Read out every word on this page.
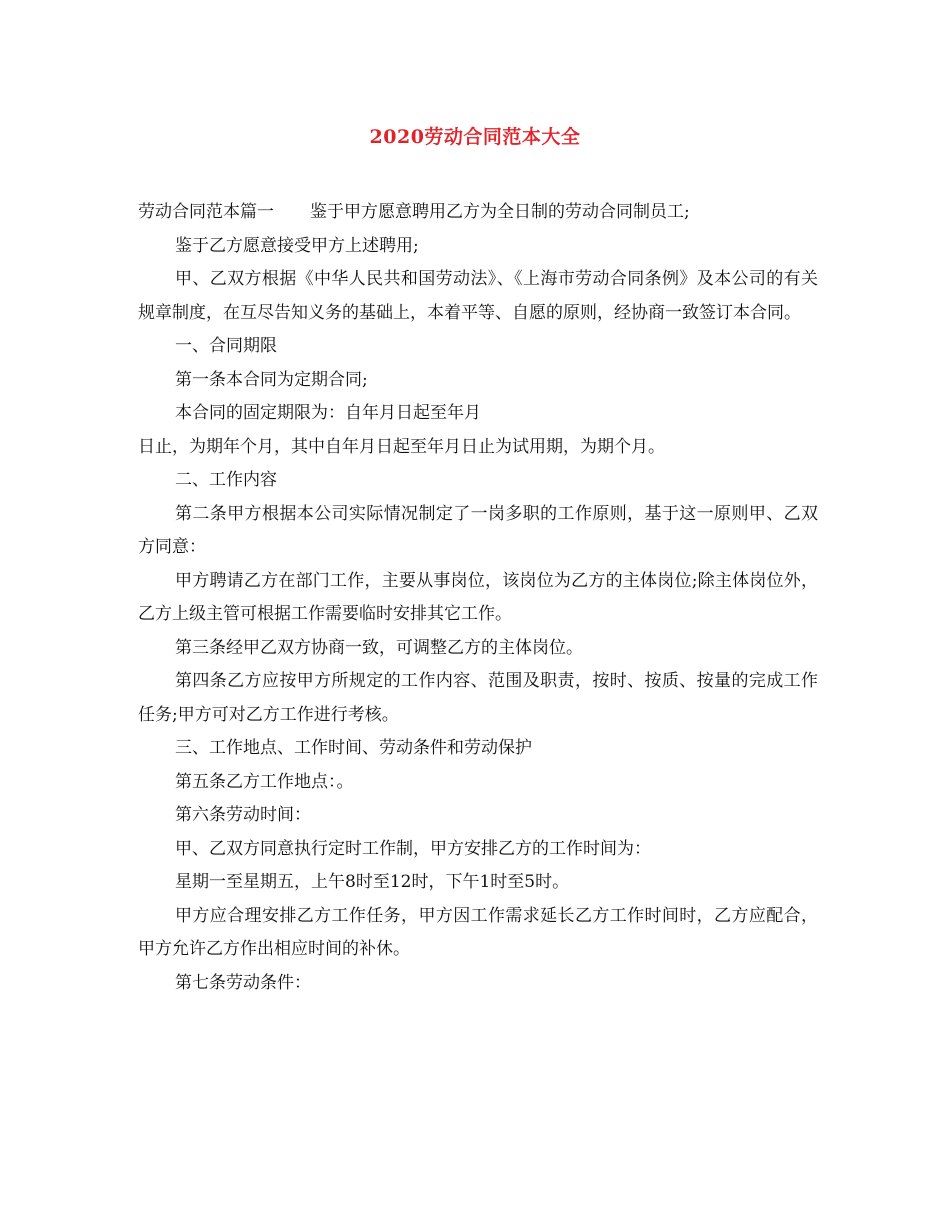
2020劳动合同范本大全

劳动合同范本篇一 鉴于甲方愿意聘用乙方为全日制的劳动合同制员工;

鉴于乙方愿意接受甲方上述聘用;

甲、乙双方根据《中华人民共和国劳动法》、《上海市劳动合同条例》及本公司的有关规章制度，在互尽告知义务的基础上，本着平等、自愿的原则，经协商一致签订本合同。

一、合同期限

第一条本合同为定期合同;

本合同的固定期限为：自年月日起至年月

日止，为期年个月，其中自年月日起至年月日止为试用期，为期个月。

二、工作内容

第二条甲方根据本公司实际情况制定了一岗多职的工作原则，基于这一原则甲、乙双方同意：

甲方聘请乙方在部门工作，主要从事岗位，该岗位为乙方的主体岗位;除主体岗位外，乙方上级主管可根据工作需要临时安排其它工作。

第三条经甲乙双方协商一致，可调整乙方的主体岗位。

第四条乙方应按甲方所规定的工作内容、范围及职责，按时、按质、按量的完成工作任务;甲方可对乙方工作进行考核。

三、工作地点、工作时间、劳动条件和劳动保护

第五条乙方工作地点：。

第六条劳动时间：

甲、乙双方同意执行定时工作制，甲方安排乙方的工作时间为：

星期一至星期五，上午8时至12时，下午1时至5时。

甲方应合理安排乙方工作任务，甲方因工作需求延长乙方工作时间时，乙方应配合，甲方允许乙方作出相应时间的补休。

第七条劳动条件：
